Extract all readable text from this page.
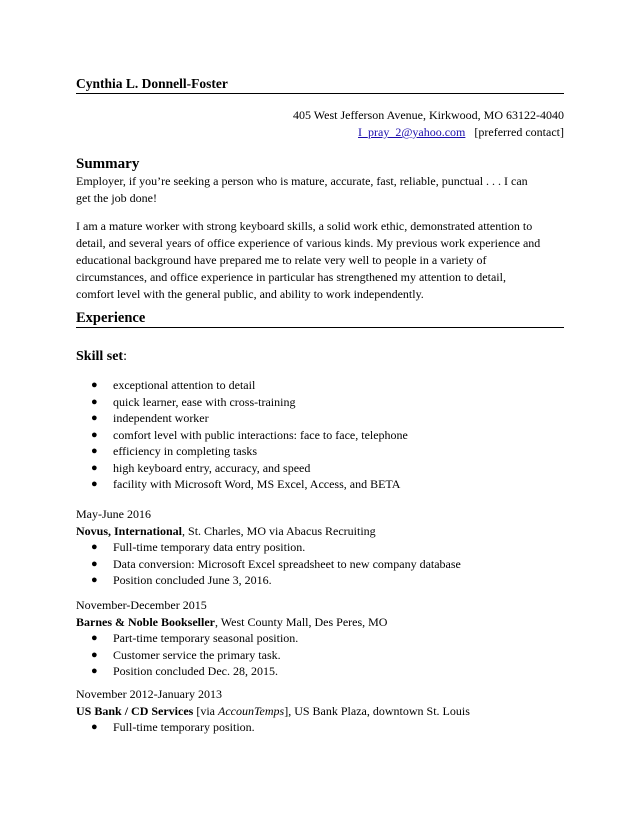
Cynthia L. Donnell-Foster
405 West Jefferson Avenue, Kirkwood, MO 63122-4040
I_pray_2@yahoo.com [preferred contact]
Summary
Employer, if you’re seeking a person who is mature, accurate, fast, reliable, punctual . . . I can
get the job done!
I am a mature worker with strong keyboard skills, a solid work ethic, demonstrated attention to
detail, and several years of office experience of various kinds. My previous work experience and
educational background have prepared me to relate very well to people in a variety of
circumstances, and office experience in particular has strengthened my attention to detail,
comfort level with the general public, and ability to work independently.
Experience
Skill set:
● exceptional attention to detail
● quick learner, ease with cross-training
● independent worker
● comfort level with public interactions: face to face, telephone
● efficiency in completing tasks
● high keyboard entry, accuracy, and speed
● facility with Microsoft Word, MS Excel, Access, and BETA
May-June 2016
Novus, International, St. Charles, MO via Abacus Recruiting
● Full-time temporary data entry position.
● Data conversion: Microsoft Excel spreadsheet to new company database
● Position concluded June 3, 2016.
November-December 2015
Barnes & Noble Bookseller, West County Mall, Des Peres, MO
● Part-time temporary seasonal position.
● Customer service the primary task.
● Position concluded Dec. 28, 2015.
November 2012-January 2013
US Bank / CD Services [via AccounTemps], US Bank Plaza, downtown St. Louis
● Full-time temporary position.
